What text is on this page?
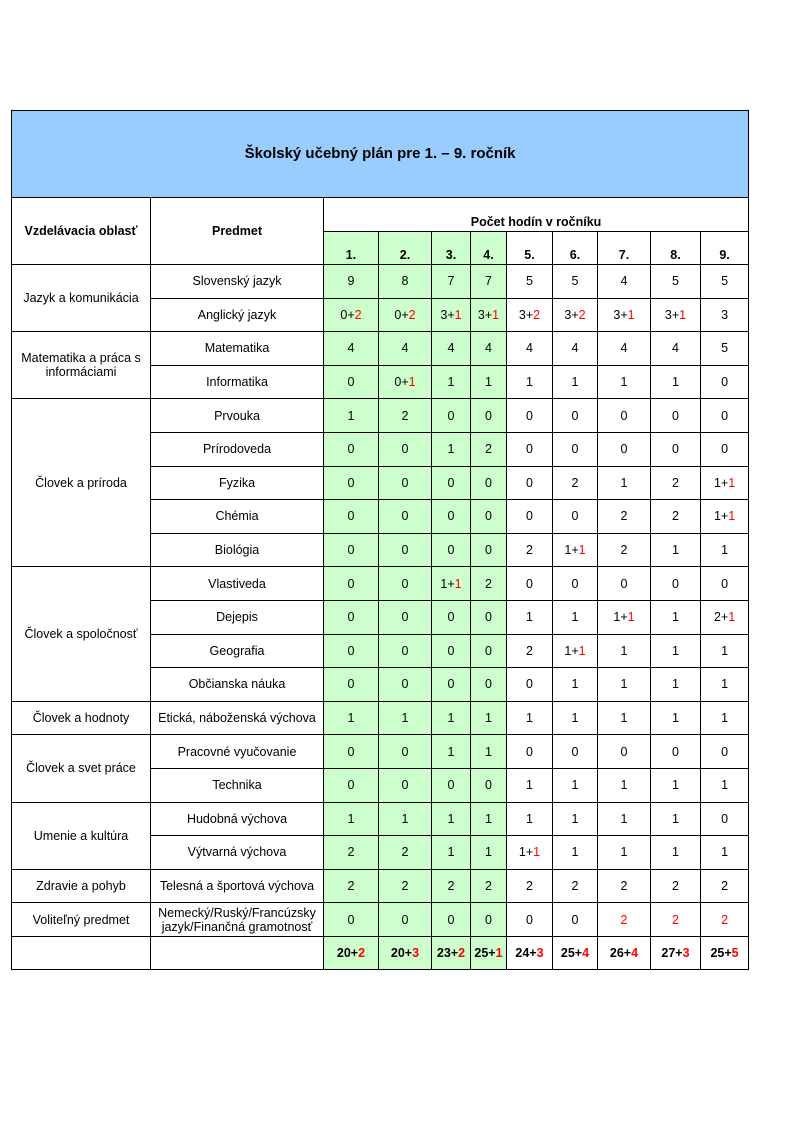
Školský učebný plán pre 1. – 9. ročník										
Vzdelávacia oblasť	Predmet	Počet hodín v ročníku								
		1.	2.	3.	4.	5.	6.	7.	8.	9.
Jazyk a komunikácia	Slovenský jazyk	9	8	7	7	5	5	4	5	5
	Anglický jazyk	0+2	0+2	3+1	3+1	3+2	3+2	3+1	3+1	3
Matematika a práca s informáciami	Matematika	4	4	4	4	4	4	4	4	5
	Informatika	0	0+1	1	1	1	1	1	1	0
Človek a príroda	Prvouka	1	2	0	0	0	0	0	0	0
	Prírodoveda	0	0	1	2	0	0	0	0	0
	Fyzika	0	0	0	0	0	2	1	2	1+1
	Chémia	0	0	0	0	0	0	2	2	1+1
	Biológia	0	0	0	0	2	1+1	2	1	1
Človek a spoločnosť	Vlastiveda	0	0	1+1	2	0	0	0	0	0
	Dejepis	0	0	0	0	1	1	1+1	1	2+1
	Geografia	0	0	0	0	2	1+1	1	1	1
	Občianska náuka	0	0	0	0	0	1	1	1	1
Človek a hodnoty	Etická, náboženská výchova	1	1	1	1	1	1	1	1	1
Človek a svet práce	Pracovné vyučovanie	0	0	1	1	0	0	0	0	0
	Technika	0	0	0	0	1	1	1	1	1
Umenie a kultúra	Hudobná výchova	1	1	1	1	1	1	1	1	0
	Výtvarná výchova	2	2	1	1	1+1	1	1	1	1
Zdravie a pohyb	Telesná a športová výchova	2	2	2	2	2	2	2	2	2
Voliteľný predmet	Nemecký/Ruský/Francúzsky jazyk/Finančná gramotnosť	0	0	0	0	0	0	2	2	2
		20+2	20+3	23+2	25+1	24+3	25+4	26+4	27+3	25+5
